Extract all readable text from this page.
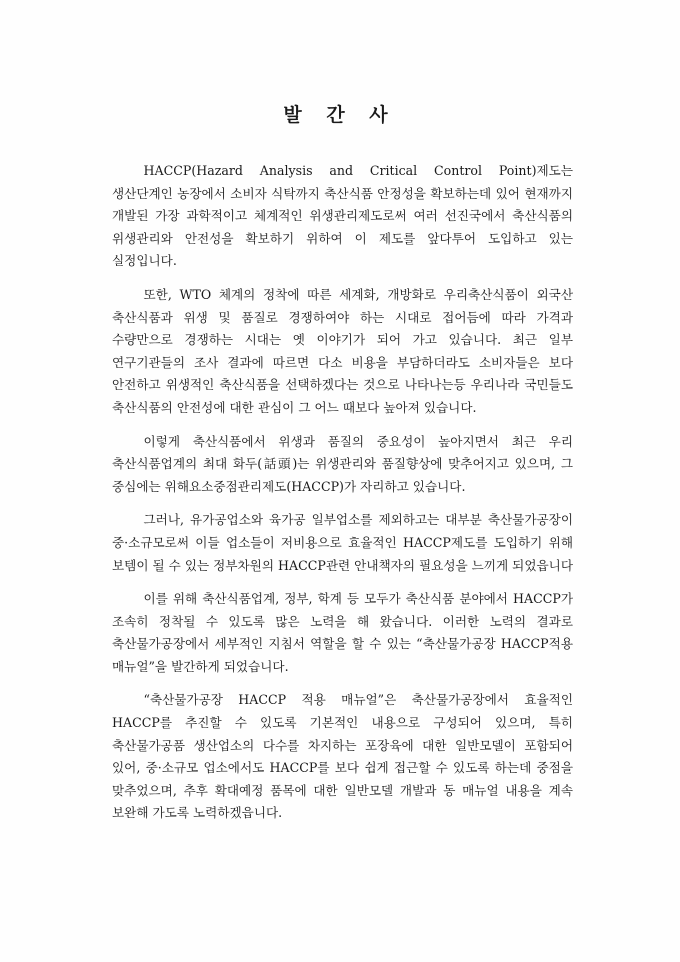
발 간 사

HACCP(Hazard Analysis and Critical Control Point)제도는 생산단계인 농장에서 소비자 식탁까지 축산식품 안정성을 확보하는데 있어 현재까지 개발된 가장 과학적이고 체계적인 위생관리제도로써 여러 선진국에서 축산식품의 위생관리와 안전성을 확보하기 위하여 이 제도를 앞다투어 도입하고 있는 실정입니다.

또한, WTO 체계의 정착에 따른 세계화, 개방화로 우리축산식품이 외국산 축산식품과 위생 및 품질로 경쟁하여야 하는 시대로 접어듬에 따라 가격과 수량만으로 경쟁하는 시대는 옛 이야기가 되어 가고 있습니다. 최근 일부 연구기관들의 조사 결과에 따르면 다소 비용을 부담하더라도 소비자들은 보다 안전하고 위생적인 축산식품을 선택하겠다는 것으로 나타나는등 우리나라 국민들도 축산식품의 안전성에 대한 관심이 그 어느 때보다 높아져 있습니다.

이렇게 축산식품에서 위생과 품질의 중요성이 높아지면서 최근 우리 축산식품업계의 최대 화두(話頭)는 위생관리와 품질향상에 맞추어지고 있으며, 그 중심에는 위해요소중점관리제도(HACCP)가 자리하고 있습니다.

그러나, 유가공업소와 육가공 일부업소를 제외하고는 대부분 축산물가공장이 중·소규모로써 이들 업소들이 저비용으로 효율적인 HACCP제도를 도입하기 위해 보템이 될 수 있는 정부차원의 HACCP관련 안내책자의 필요성을 느끼게 되었읍니다

이를 위해 축산식품업계, 정부, 학계 등 모두가 축산식품 분야에서 HACCP가 조속히 정착될 수 있도록 많은 노력을 해 왔습니다. 이러한 노력의 결과로 축산물가공장에서 세부적인 지침서 역할을 할 수 있는 “축산물가공장 HACCP적용 매뉴얼”을 발간하게 되었습니다.

“축산물가공장 HACCP 적용 매뉴얼”은 축산물가공장에서 효율적인 HACCP를 추진할 수 있도록 기본적인 내용으로 구성되어 있으며, 특히 축산물가공품 생산업소의 다수를 차지하는 포장육에 대한 일반모델이 포함되어 있어, 중·소규모 업소에서도 HACCP를 보다 쉽게 접근할 수 있도록 하는데 중점을 맞추었으며, 추후 확대예정 품목에 대한 일반모델 개발과 동 매뉴얼 내용을 계속 보완해 가도록 노력하겠읍니다.
